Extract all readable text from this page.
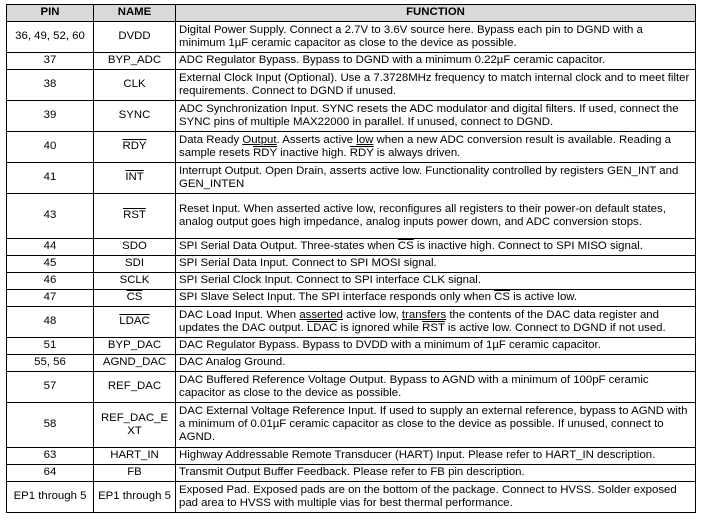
PIN	NAME	FUNCTION
36, 49, 52, 60	DVDD	Digital Power Supply. Connect a 2.7V to 3.6V source here. Bypass each pin to DGND with a minimum 1µF ceramic capacitor as close to the device as possible.
37	BYP_ADC	ADC Regulator Bypass. Bypass to DGND with a minimum 0.22µF ceramic capacitor.
38	CLK	External Clock Input (Optional). Use a 7.3728MHz frequency to match internal clock and to meet filter requirements. Connect to DGND if unused.
39	SYNC	ADC Synchronization Input. SYNC resets the ADC modulator and digital filters. If used, connect the SYNC pins of multiple MAX22000 in parallel. If unused, connect to DGND.
40	$\overline{RDY}$	Data Ready Output. Asserts active low when a new ADC conversion result is available. Reading a sample resets $\overline{RDY}$ inactive high. $\overline{RDY}$ is always driven.
41	$\overline{INT}$	Interrupt Output. Open Drain, asserts active low. Functionality controlled by registers GEN_INT and GEN_INTEN
43	$\overline{RST}$	Reset Input. When asserted active low, reconfigures all registers to their power-on default states, analog output goes high impedance, analog inputs power down, and ADC conversion stops.
44	SDO	SPI Serial Data Output. Three-states when $\overline{CS}$ is inactive high. Connect to SPI MISO signal.
45	SDI	SPI Serial Data Input. Connect to SPI MOSI signal.
46	SCLK	SPI Serial Clock Input. Connect to SPI interface CLK signal.
47	$\overline{CS}$	SPI Slave Select Input. The SPI interface responds only when $\overline{CS}$ is active low.
48	LDAC	DAC Load Input. When asserted active low, transfers the contents of the DAC data register and updates the DAC output. LDAC is ignored while $\overline{RST}$ is active low. Connect to DGND if not used.
51	BYP_DAC	DAC Regulator Bypass. Bypass to DVDD with a minimum of 1µF ceramic capacitor.
55, 56	AGND_DAC	DAC Analog Ground.
57	REF_DAC	DAC Buffered Reference Voltage Output. Bypass to AGND with a minimum of 100pF ceramic capacitor as close to the device as possible.
58	REF_DAC_E XT	DAC External Voltage Reference Input. If used to supply an external reference, bypass to AGND with a minimum of 0.01µF ceramic capacitor as close to the device as possible. If unused, connect to AGND.
63	HART_IN	Highway Addressable Remote Transducer (HART) Input. Please refer to HART_IN description.
64	FB	Transmit Output Buffer Feedback. Please refer to FB pin description.
EP1 through 5	EP1 through 5	Exposed Pad. Exposed pads are on the bottom of the package. Connect to HVSS. Solder exposed pad area to HVSS with multiple vias for best thermal performance.
